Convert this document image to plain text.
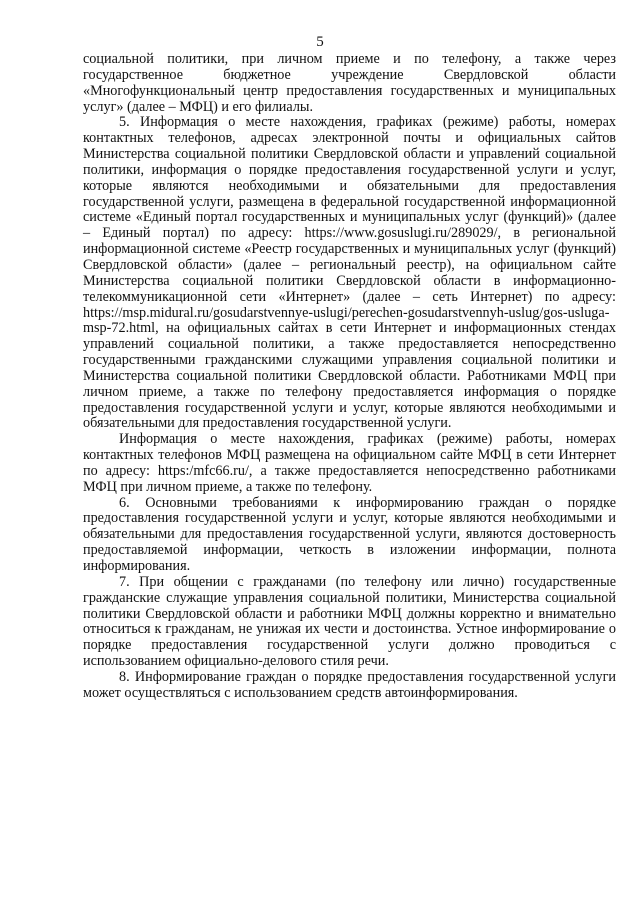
5

социальной политики, при личном приеме и по телефону, а также через государственное бюджетное учреждение Свердловской области «Многофункциональный центр предоставления государственных и муниципальных услуг» (далее – МФЦ) и его филиалы.

5. Информация о месте нахождения, графиках (режиме) работы, номерах контактных телефонов, адресах электронной почты и официальных сайтов Министерства социальной политики Свердловской области и управлений социальной политики, информация о порядке предоставления государственной услуги и услуг, которые являются необходимыми и обязательными для предоставления государственной услуги, размещена в федеральной государственной информационной системе «Единый портал государственных и муниципальных услуг (функций)» (далее – Единый портал) по адресу: https://www.gosuslugi.ru/289029/, в региональной информационной системе «Реестр государственных и муниципальных услуг (функций) Свердловской области» (далее – региональный реестр), на официальном сайте Министерства социальной политики Свердловской области в информационно-телекоммуникационной сети «Интернет» (далее – сеть Интернет) по адресу: https://msp.midural.ru/gosudarstvennye-uslugi/perechen-gosudarstvennyh-uslug/gos-usluga-msp-72.html, на официальных сайтах в сети Интернет и информационных стендах управлений социальной политики, а также предоставляется непосредственно государственными гражданскими служащими управления социальной политики и Министерства социальной политики Свердловской области. Работниками МФЦ при личном приеме, а также по телефону предоставляется информация о порядке предоставления государственной услуги и услуг, которые являются необходимыми и обязательными для предоставления государственной услуги.

Информация о месте нахождения, графиках (режиме) работы, номерах контактных телефонов МФЦ размещена на официальном сайте МФЦ в сети Интернет по адресу: https:/mfc66.ru/, а также предоставляется непосредственно работниками МФЦ при личном приеме, а также по телефону.

6. Основными требованиями к информированию граждан о порядке предоставления государственной услуги и услуг, которые являются необходимыми и обязательными для предоставления государственной услуги, являются достоверность предоставляемой информации, четкость в изложении информации, полнота информирования.

7. При общении с гражданами (по телефону или лично) государственные гражданские служащие управления социальной политики, Министерства социальной политики Свердловской области и работники МФЦ должны корректно и внимательно относиться к гражданам, не унижая их чести и достоинства. Устное информирование о порядке предоставления государственной услуги должно проводиться с использованием официально-делового стиля речи.

8. Информирование граждан о порядке предоставления государственной услуги может осуществляться с использованием средств автоинформирования.
